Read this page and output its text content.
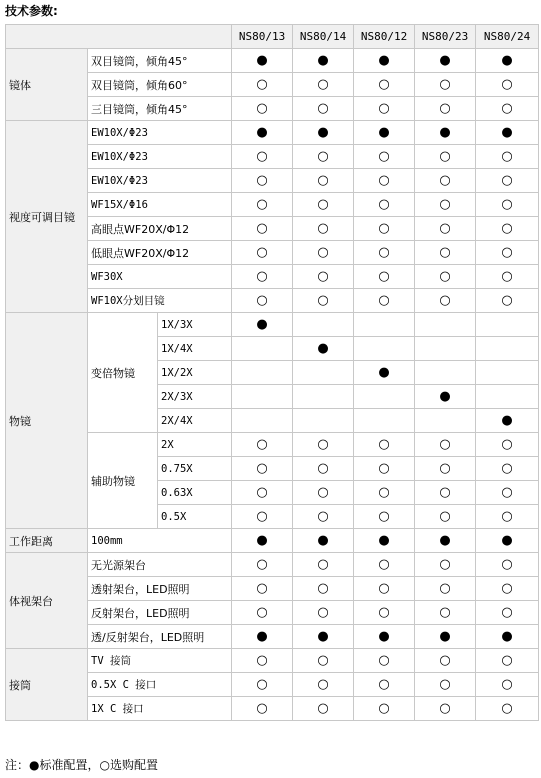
技术参数:
			NS80/13	NS80/14	NS80/12	NS80/23	NS80/24
镜体	双目镜筒，倾角45°		●	●	●	●	●
	双目镜筒，倾角60°		○	○	○	○	○
	三目镜筒，倾角45°		○	○	○	○	○
视度可调目镜	EW10X/Φ23		●	●	●	●	●
	EW10X/Φ23		○	○	○	○	○
	EW10X/Φ23		○	○	○	○	○
	WF15X/Φ16		○	○	○	○	○
	高眼点WF20X/Φ12		○	○	○	○	○
	低眼点WF20X/Φ12		○	○	○	○	○
	WF30X		○	○	○	○	○
	WF10X分划目镜		○	○	○	○	○
物镜	变倍物镜	1X/3X	●				
		1X/4X		●			
		1X/2X			●		
		2X/3X				●	
		2X/4X					●
	辅助物镜	2X	○	○	○	○	○
		0.75X	○	○	○	○	○
		0.63X	○	○	○	○	○
		0.5X	○	○	○	○	○
工作距离	100mm		●	●	●	●	●
体视架台	无光源架台		○	○	○	○	○
	透射架台，LED照明		○	○	○	○	○
	反射架台，LED照明		○	○	○	○	○
	透/反射架台，LED照明		●	●	●	●	●
接筒	TV 接筒		○	○	○	○	○
	0.5X C 接口		○	○	○	○	○
	1X C 接口		○	○	○	○	○
注：●标准配置，○选购配置
